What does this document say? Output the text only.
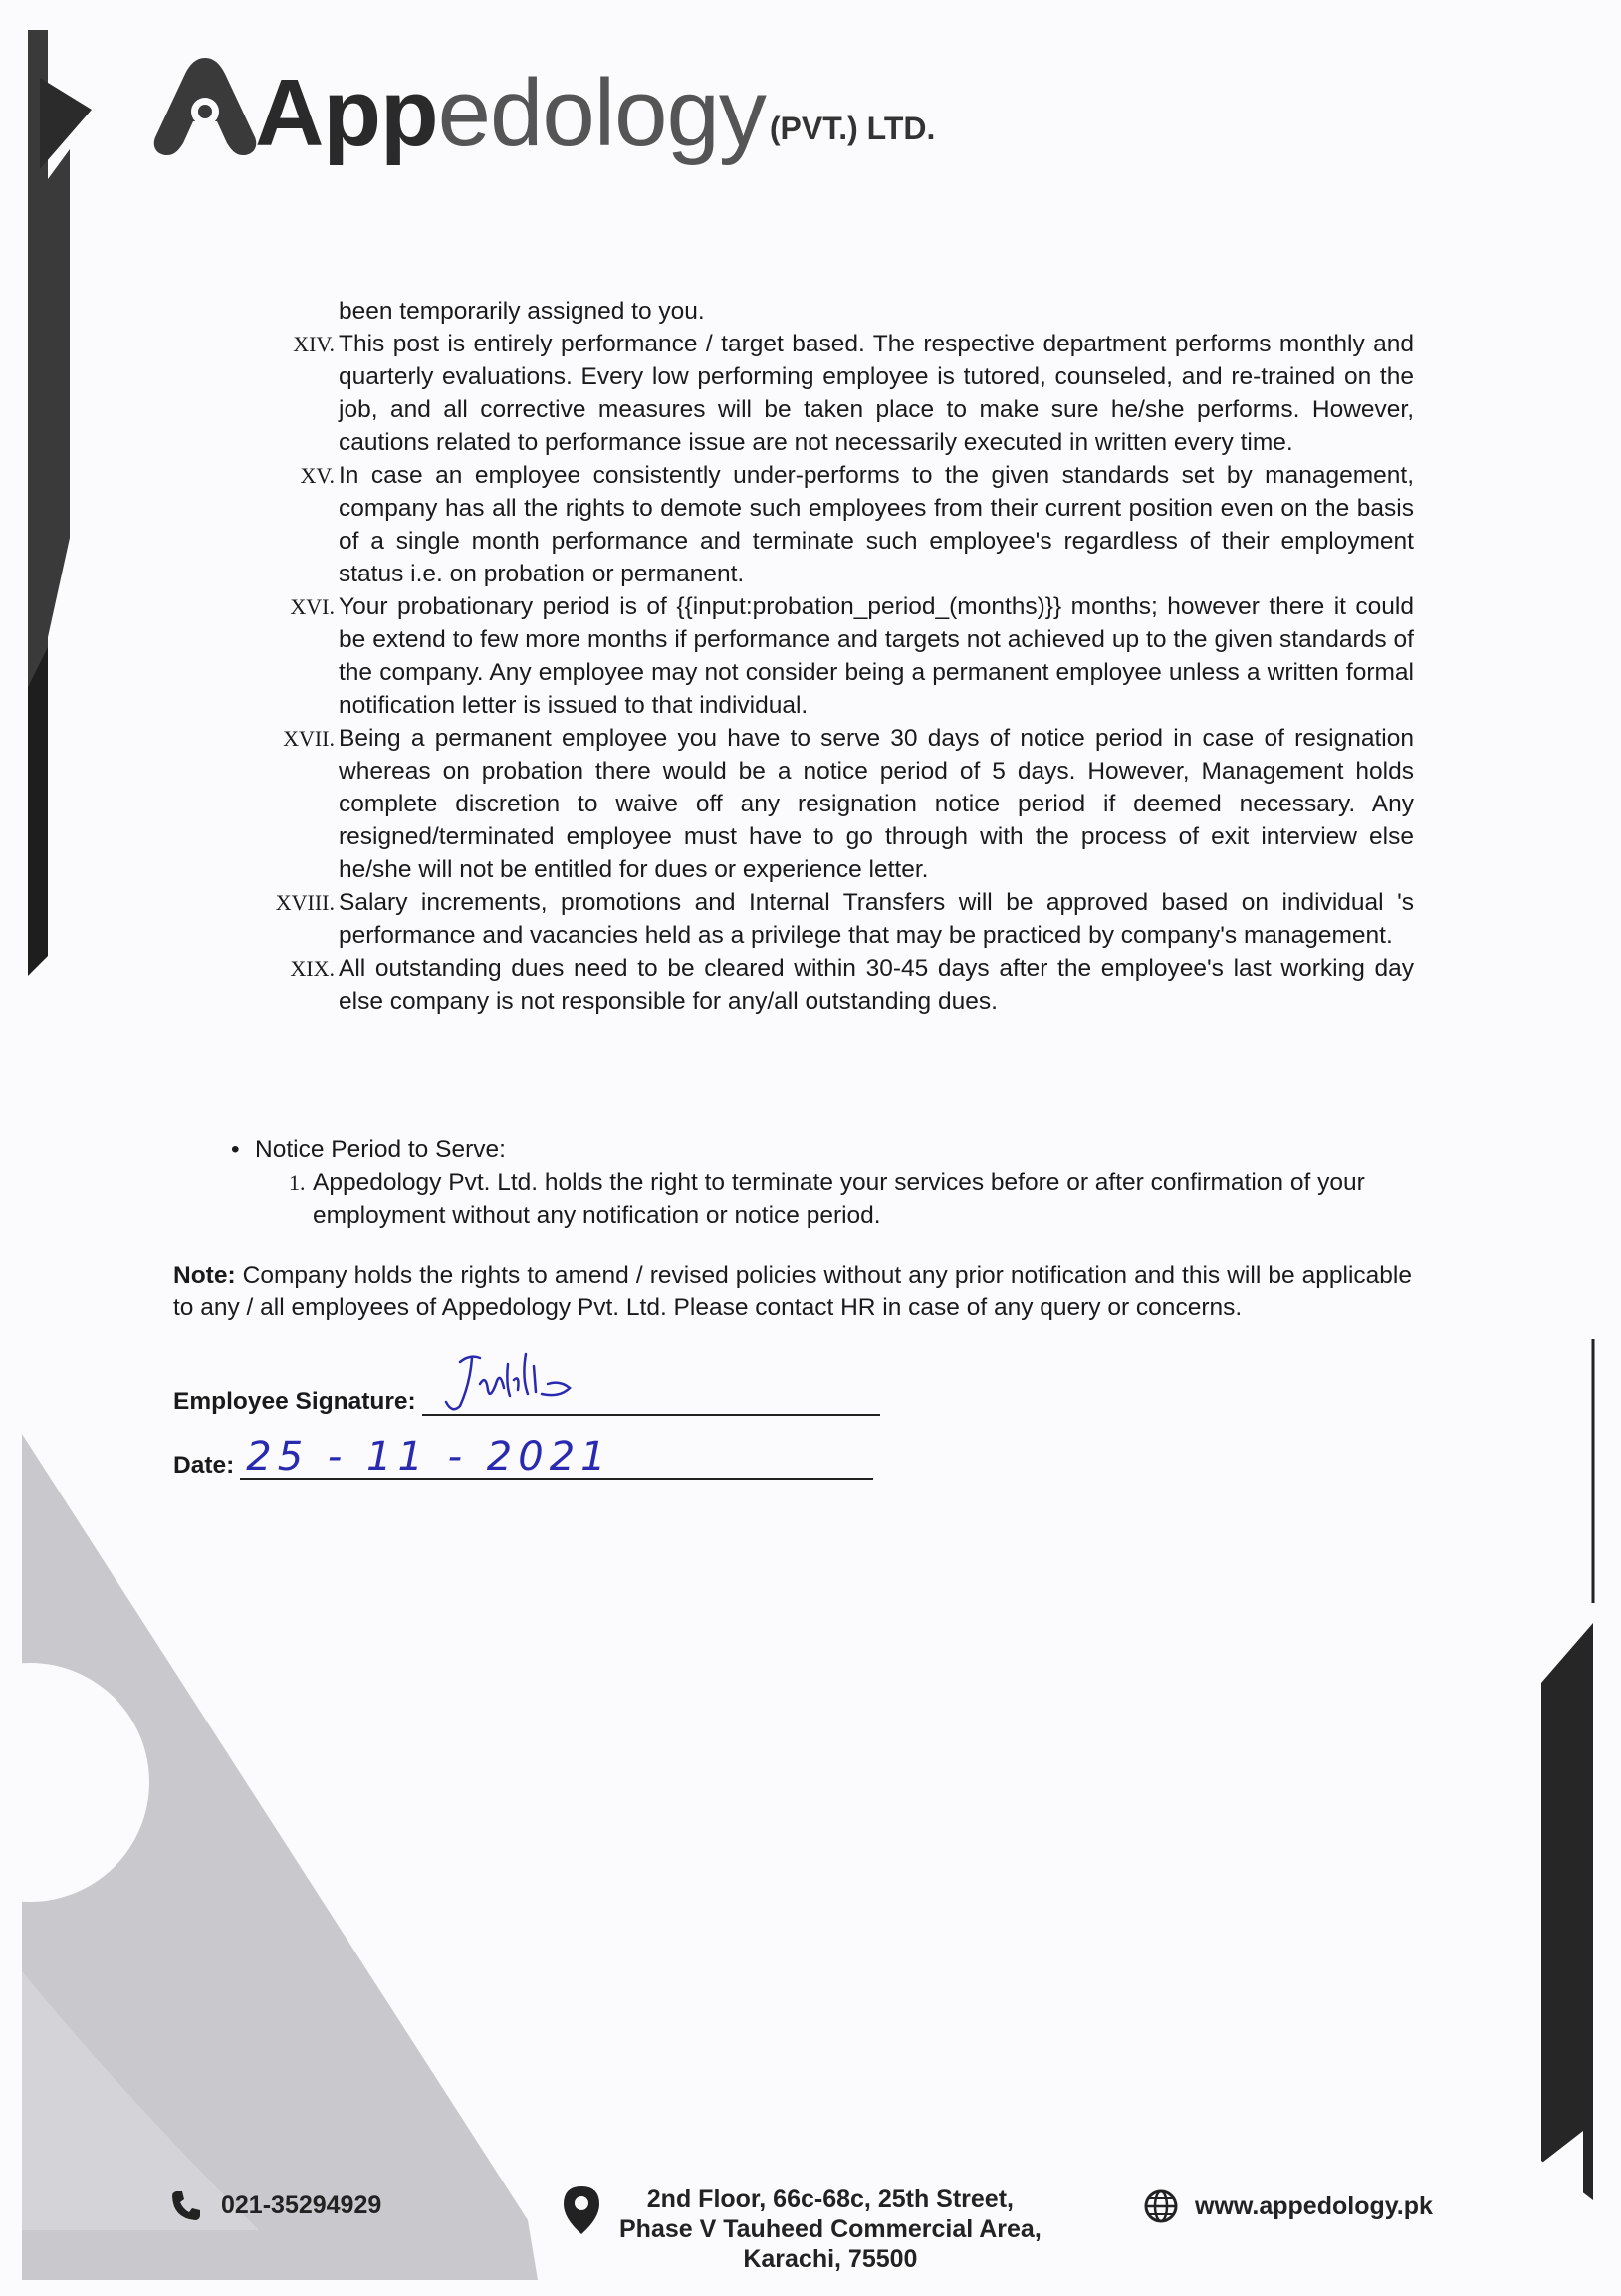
Appedology (PVT.) LTD.
been temporarily assigned to you.
XIV. This post is entirely performance / target based. The respective department performs monthly and quarterly evaluations. Every low performing employee is tutored, counseled, and re-trained on the job, and all corrective measures will be taken place to make sure he/she performs. However, cautions related to performance issue are not necessarily executed in written every time.
XV. In case an employee consistently under-performs to the given standards set by management, company has all the rights to demote such employees from their current position even on the basis of a single month performance and terminate such employee's regardless of their employment status i.e. on probation or permanent.
XVI. Your probationary period is of {{input:probation_period_(months)}} months; however there it could be extend to few more months if performance and targets not achieved up to the given standards of the company. Any employee may not consider being a permanent employee unless a written formal notification letter is issued to that individual.
XVII. Being a permanent employee you have to serve 30 days of notice period in case of resignation whereas on probation there would be a notice period of 5 days. However, Management holds complete discretion to waive off any resignation notice period if deemed necessary. Any resigned/terminated employee must have to go through with the process of exit interview else he/she will not be entitled for dues or experience letter.
XVIII. Salary increments, promotions and Internal Transfers will be approved based on individual 's performance and vacancies held as a privilege that may be practiced by company's management.
XIX. All outstanding dues need to be cleared within 30-45 days after the employee's last working day else company is not responsible for any/all outstanding dues.
• Notice Period to Serve:
1. Appedology Pvt. Ltd. holds the right to terminate your services before or after confirmation of your employment without any notification or notice period.
Note: Company holds the rights to amend / revised policies without any prior notification and this will be applicable to any / all employees of Appedology Pvt. Ltd. Please contact HR in case of any query or concerns.
Employee Signature:
Date: 25 - 11 - 2021
021-35294929	2nd Floor, 66c-68c, 25th Street,
Phase V Tauheed Commercial Area,
Karachi, 75500
www.appedology.pk
